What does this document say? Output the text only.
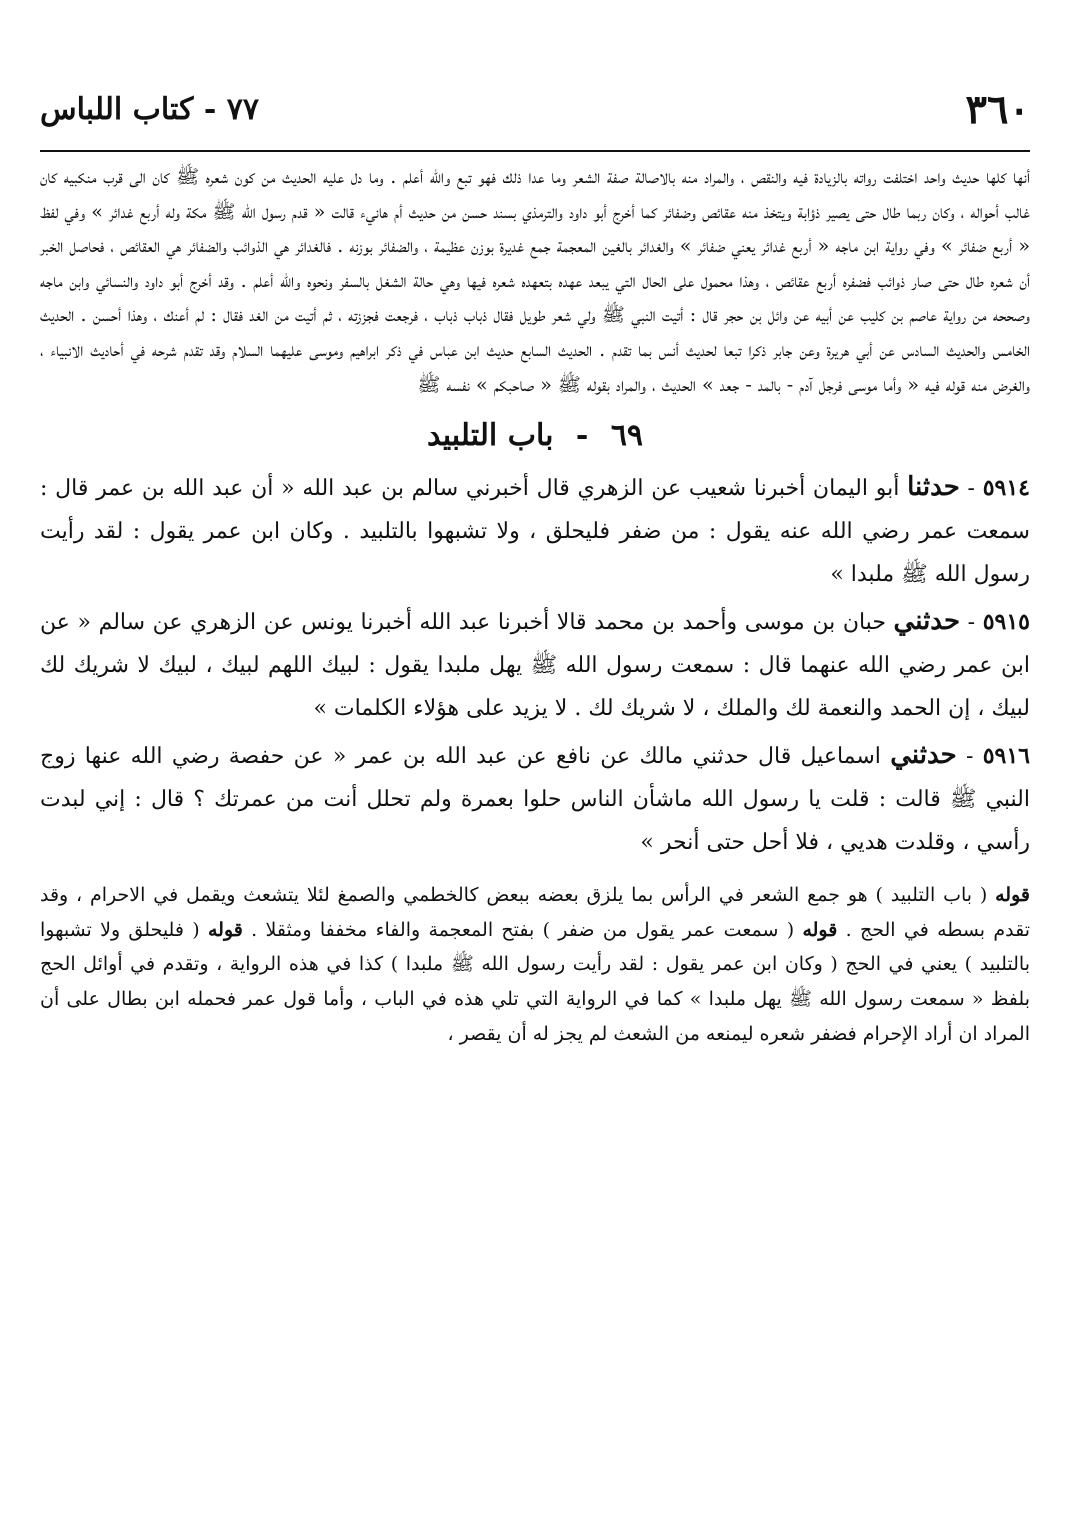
٣٦٠
٧٧ - كتاب اللباس

أنها كلها حديث واحد اختلفت رواته بالزيادة فيه والنقص ، والمراد منه بالاصالة صفة الشعر وما عدا ذلك فهو تبع والله أعلم . وما دل عليه الحديث من كون شعره ﷺ كان الى قرب منكبيه كان غالب أحواله ، وكان ربما طال حتى يصير ذؤابة ويتخذ منه عقائص وضفائر كما أخرج أبو داود والترمذي بسند حسن من حديث أم هانيء قالت « قدم رسول الله ﷺ مكة وله أربع غدائر » وفي لفظ « أربع ضفائر » وفي رواية ابن ماجه « أربع غدائر يعني ضفائر » والغدائر بالغين المعجمة جمع غديرة بوزن عظيمة ، والضفائر بوزنه . فالغدائر هي الذوائب والضفائر هي العقائص ، فحاصل الخبر أن شعره طال حتى صار ذوائب فضفره أربع عقائص ، وهذا محمول على الحال التي يبعد عهده بتعهده شعره فيها وهي حالة الشغل بالسفر ونحوه والله أعلم . وقد أخرج أبو داود والنسائي وابن ماجه وصححه من رواية عاصم بن كليب عن أبيه عن وائل بن حجر قال : أتيت النبي ﷺ ولي شعر طويل فقال ذباب ذباب ، فرجعت فجززته ، ثم أتيت من الغد فقال : لم أعنك ، وهذا أحسن . الحديث الخامس والحديث السادس عن أبي هريرة وعن جابر ذكرا تبعا لحديث أنس بما تقدم . الحديث السابع حديث ابن عباس في ذكر ابراهيم وموسى عليهما السلام وقد تقدم شرحه في أحاديث الانبياء ، والغرض منه قوله فيه « وأما موسى فرجل آدم - بالمد - جعد » الحديث ، والمراد بقوله ﷺ « صاحبكم » نفسه ﷺ

٦٩ - باب التلبيد

٥٩١٤ - حدثنا أبو اليمان أخبرنا شعيب عن الزهري قال أخبرني سالم بن عبد الله « أن عبد الله بن عمر قال : سمعت عمر رضي الله عنه يقول : من ضفر فليحلق ، ولا تشبهوا بالتلبيد . وكان ابن عمر يقول : لقد رأيت رسول الله ﷺ ملبدا »

٥٩١٥ - حدثني حبان بن موسى وأحمد بن محمد قالا أخبرنا عبد الله أخبرنا يونس عن الزهري عن سالم « عن ابن عمر رضي الله عنهما قال : سمعت رسول الله ﷺ يهل ملبدا يقول : لبيك اللهم لبيك ، لبيك لا شريك لك لبيك ، إن الحمد والنعمة لك والملك ، لا شريك لك . لا يزيد على هؤلاء الكلمات »

٥٩١٦ - حدثني اسماعيل قال حدثني مالك عن نافع عن عبد الله بن عمر « عن حفصة رضي الله عنها زوج النبي ﷺ قالت : قلت يا رسول الله ماشأن الناس حلوا بعمرة ولم تحلل أنت من عمرتك ؟ قال : إني لبدت رأسي ، وقلدت هديي ، فلا أحل حتى أنحر »

قوله ( باب التلبيد ) هو جمع الشعر في الرأس بما يلزق بعضه ببعض كالخطمي والصمغ لئلا يتشعث ويقمل في الاحرام ، وقد تقدم بسطه في الحج . قوله ( سمعت عمر يقول من ضفر ) بفتح المعجمة والفاء مخففا ومثقلا . قوله ( فليحلق ولا تشبهوا بالتلبيد ) يعني في الحج ( وكان ابن عمر يقول : لقد رأيت رسول الله ﷺ ملبدا ) كذا في هذه الرواية ، وتقدم في أوائل الحج بلفظ « سمعت رسول الله ﷺ يهل ملبدا » كما في الرواية التي تلي هذه في الباب ، وأما قول عمر فحمله ابن بطال على أن المراد ان أراد الإحرام فضفر شعره ليمنعه من الشعث لم يجز له أن يقصر ،
